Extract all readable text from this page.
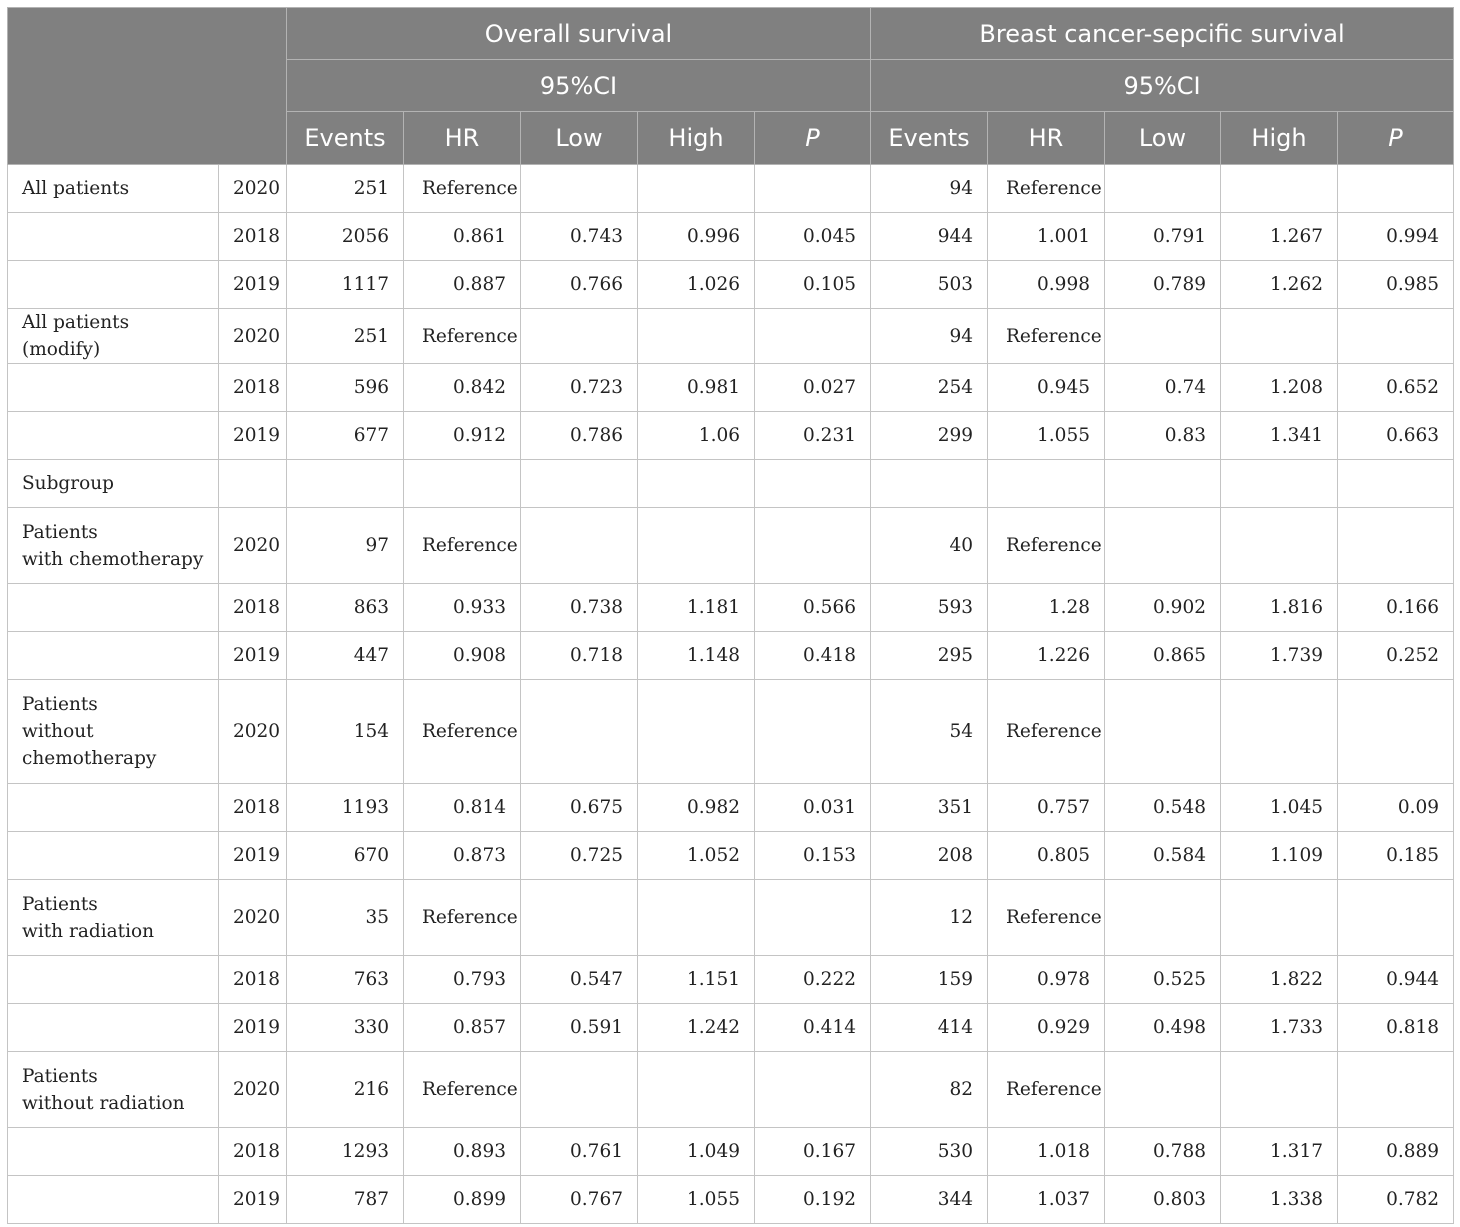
		Overall survival					Breast cancer-sepcific survival				
		95%CI					95%CI				
		Events	HR	Low	High	P	Events	HR	Low	High	P
All patients	2020	251	Reference				94	Reference			
	2018	2056	0.861	0.743	0.996	0.045	944	1.001	0.791	1.267	0.994
	2019	1117	0.887	0.766	1.026	0.105	503	0.998	0.789	1.262	0.985
All patients (modify)	2020	251	Reference				94	Reference			
	2018	596	0.842	0.723	0.981	0.027	254	0.945	0.74	1.208	0.652
	2019	677	0.912	0.786	1.06	0.231	299	1.055	0.83	1.341	0.663
Subgroup											
Patients
with chemotherapy	2020	97	Reference				40	Reference			
	2018	863	0.933	0.738	1.181	0.566	593	1.28	0.902	1.816	0.166
	2019	447	0.908	0.718	1.148	0.418	295	1.226	0.865	1.739	0.252
Patients
without
chemotherapy	2020	154	Reference				54	Reference			
	2018	1193	0.814	0.675	0.982	0.031	351	0.757	0.548	1.045	0.09
	2019	670	0.873	0.725	1.052	0.153	208	0.805	0.584	1.109	0.185
Patients
with radiation	2020	35	Reference				12	Reference			
	2018	763	0.793	0.547	1.151	0.222	159	0.978	0.525	1.822	0.944
	2019	330	0.857	0.591	1.242	0.414	414	0.929	0.498	1.733	0.818
Patients
without radiation	2020	216	Reference				82	Reference			
	2018	1293	0.893	0.761	1.049	0.167	530	1.018	0.788	1.317	0.889
	2019	787	0.899	0.767	1.055	0.192	344	1.037	0.803	1.338	0.782
